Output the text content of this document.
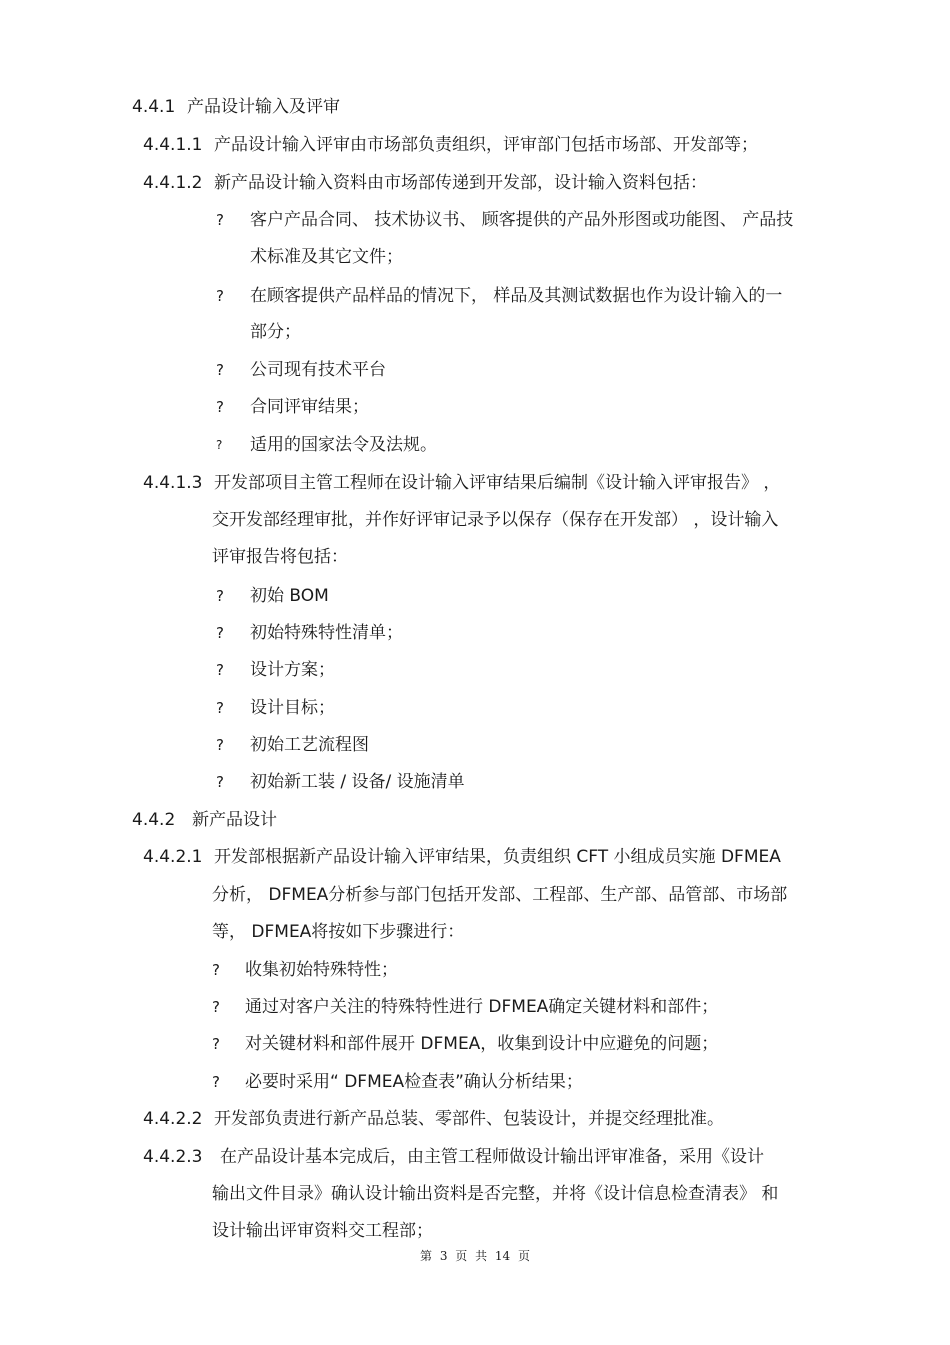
4.4.1 产品设计输入及评审
4.4.1.1 产品设计输入评审由市场部负责组织，评审部门包括市场部、开发部等；
4.4.1.2 新产品设计输入资料由市场部传递到开发部，设计输入资料包括：
? 客户产品合同、 技术协议书、 顾客提供的产品外形图或功能图、 产品技
术标准及其它文件；
? 在顾客提供产品样品的情况下， 样品及其测试数据也作为设计输入的一
部分；
? 公司现有技术平台
? 合同评审结果；
? 适用的国家法令及法规。
4.4.1.3 开发部项目主管工程师在设计输入评审结果后编制《设计输入评审报告》 ，
交开发部经理审批，并作好评审记录予以保存（保存在开发部） ，设计输入
评审报告将包括：
? 初始 BOM
? 初始特殊特性清单；
? 设计方案；
? 设计目标；
? 初始工艺流程图
? 初始新工装 / 设备/ 设施清单
4.4.2 新产品设计
4.4.2.1 开发部根据新产品设计输入评审结果，负责组织 CFT 小组成员实施 DFMEA
分析， DFMEA分析参与部门包括开发部、工程部、生产部、品管部、市场部
等， DFMEA将按如下步骤进行：
? 收集初始特殊特性；
? 通过对客户关注的特殊特性进行 DFMEA确定关键材料和部件；
? 对关键材料和部件展开 DFMEA，收集到设计中应避免的问题；
? 必要时采用“ DFMEA检查表”确认分析结果；
4.4.2.2 开发部负责进行新产品总装、零部件、包装设计，并提交经理批准。
4.4.2.3 在产品设计基本完成后，由主管工程师做设计输出评审准备，采用《设计
输出文件目录》确认设计输出资料是否完整，并将《设计信息检查清表》 和
设计输出评审资料交工程部；
第 3 页 共 14 页
